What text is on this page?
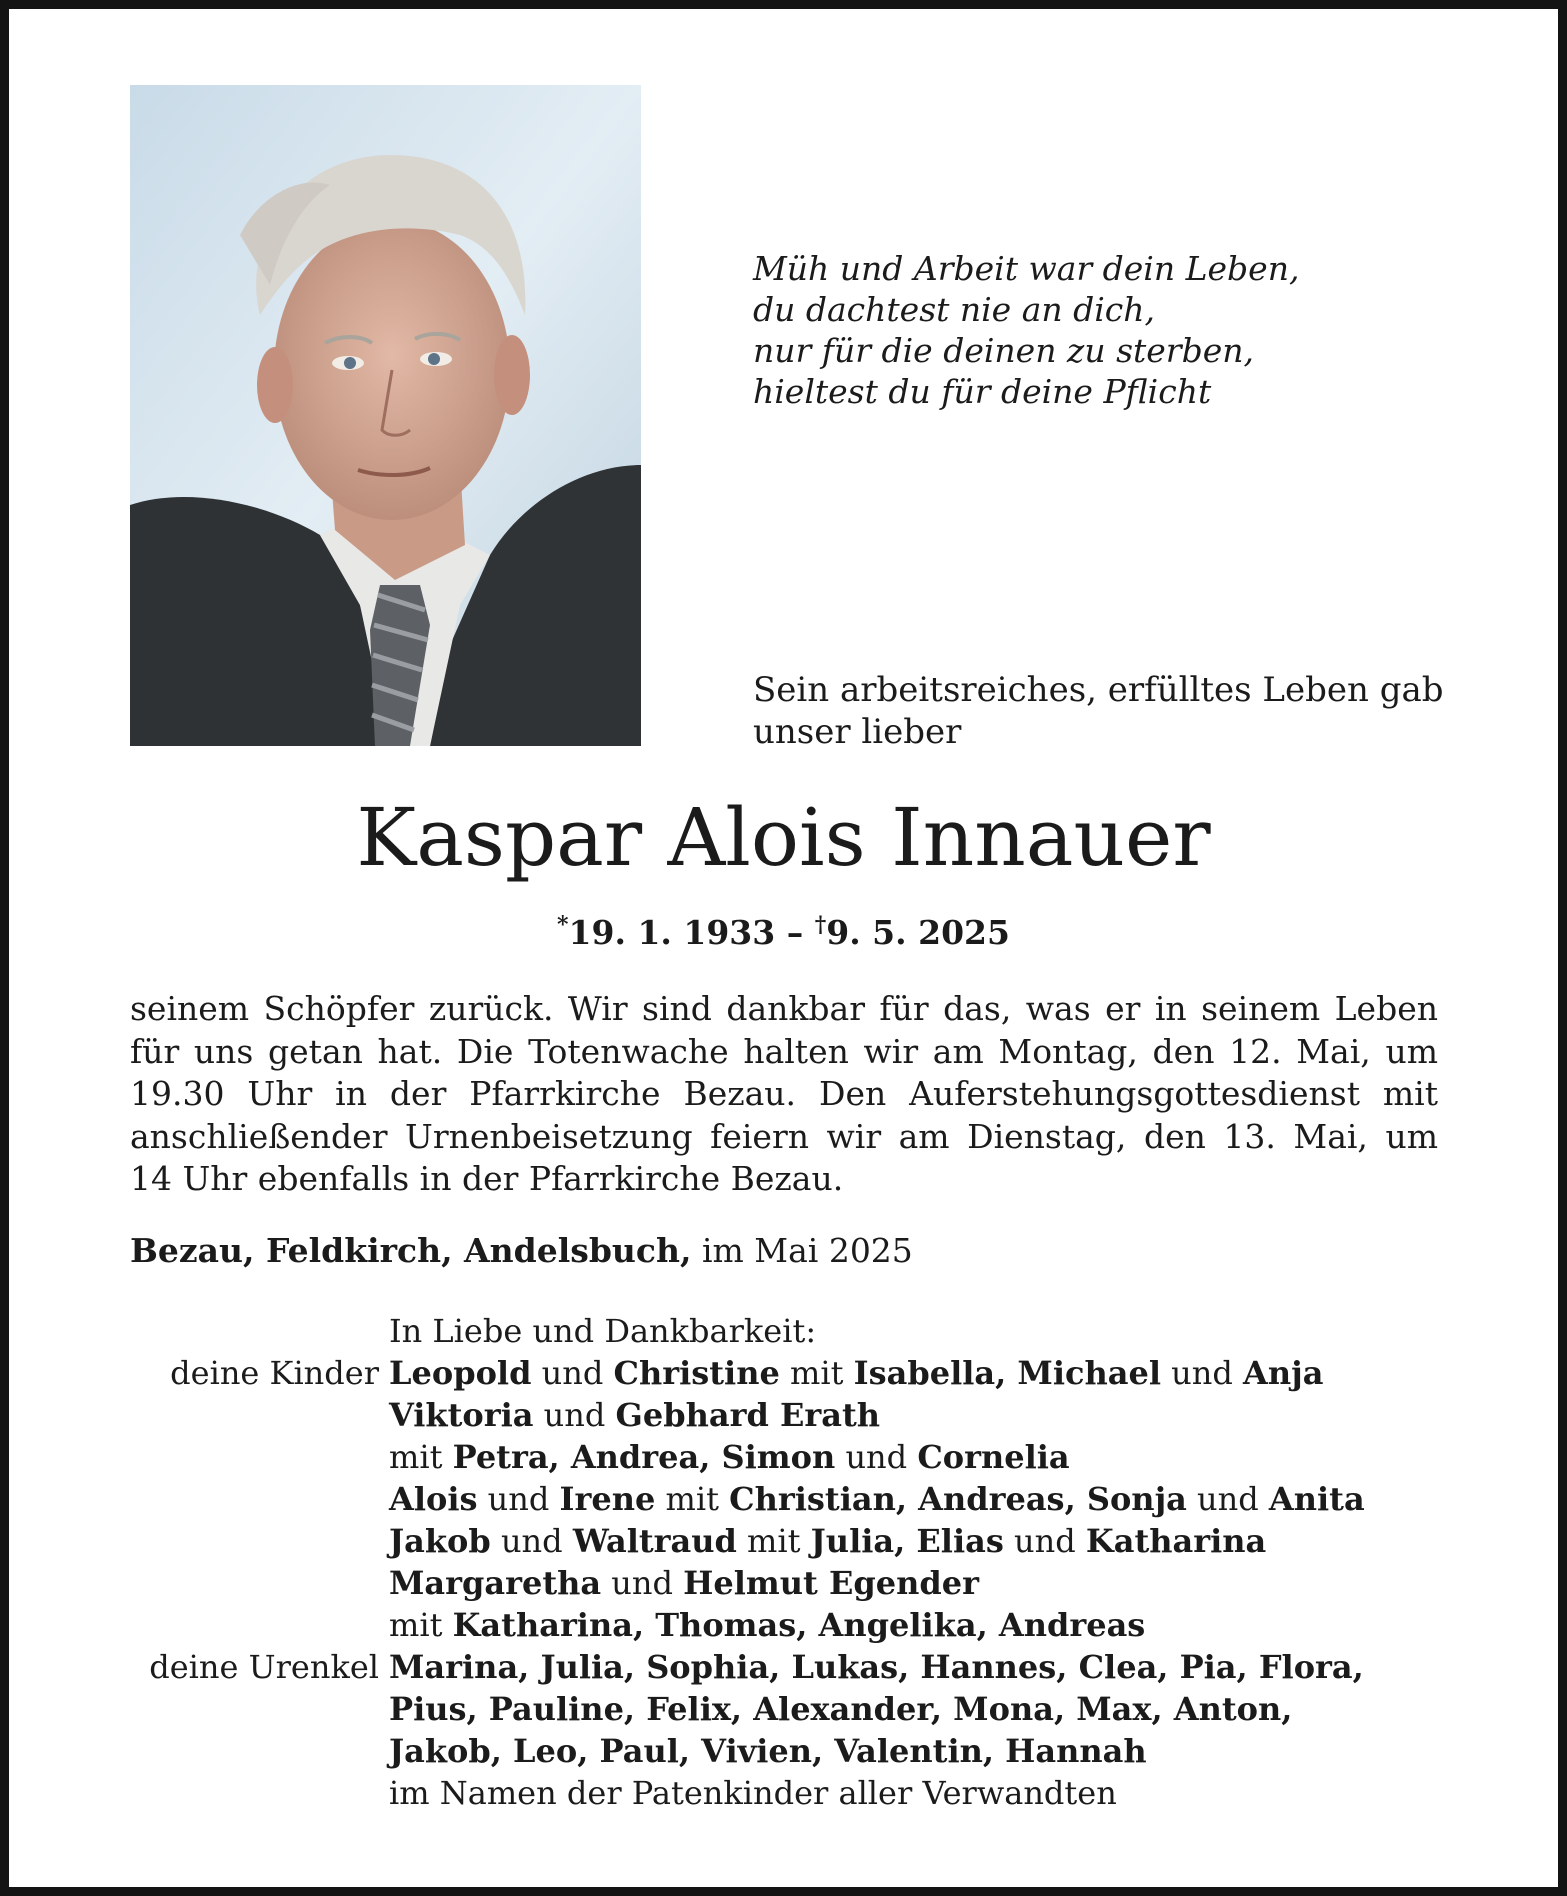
Müh und Arbeit war dein Leben,
du dachtest nie an dich,
nur für die deinen zu sterben,
hieltest du für deine Pflicht
Sein arbeitsreiches, erfülltes Leben gab unser lieber
Kaspar Alois Innauer
*19. 1. 1933 – †9. 5. 2025
seinem Schöpfer zurück. Wir sind dankbar für das, was er in seinem Leben
für uns getan hat. Die Totenwache halten wir am Montag, den 12. Mai, um
19.30 Uhr in der Pfarrkirche Bezau. Den Auferstehungsgottesdienst mit
anschließender Urnenbeisetzung feiern wir am Dienstag, den 13. Mai, um
14 Uhr ebenfalls in der Pfarrkirche Bezau.
Bezau, Feldkirch, Andelsbuch, im Mai 2025
In Liebe und Dankbarkeit:
deine Kinder Leopold und Christine mit Isabella, Michael und Anja
Viktoria und Gebhard Erath
mit Petra, Andrea, Simon und Cornelia
Alois und Irene mit Christian, Andreas, Sonja und Anita
Jakob und Waltraud mit Julia, Elias und Katharina
Margaretha und Helmut Egender
mit Katharina, Thomas, Angelika, Andreas
deine Urenkel Marina, Julia, Sophia, Lukas, Hannes, Clea, Pia, Flora,
Pius, Pauline, Felix, Alexander, Mona, Max, Anton,
Jakob, Leo, Paul, Vivien, Valentin, Hannah
im Namen der Patenkinder aller Verwandten
